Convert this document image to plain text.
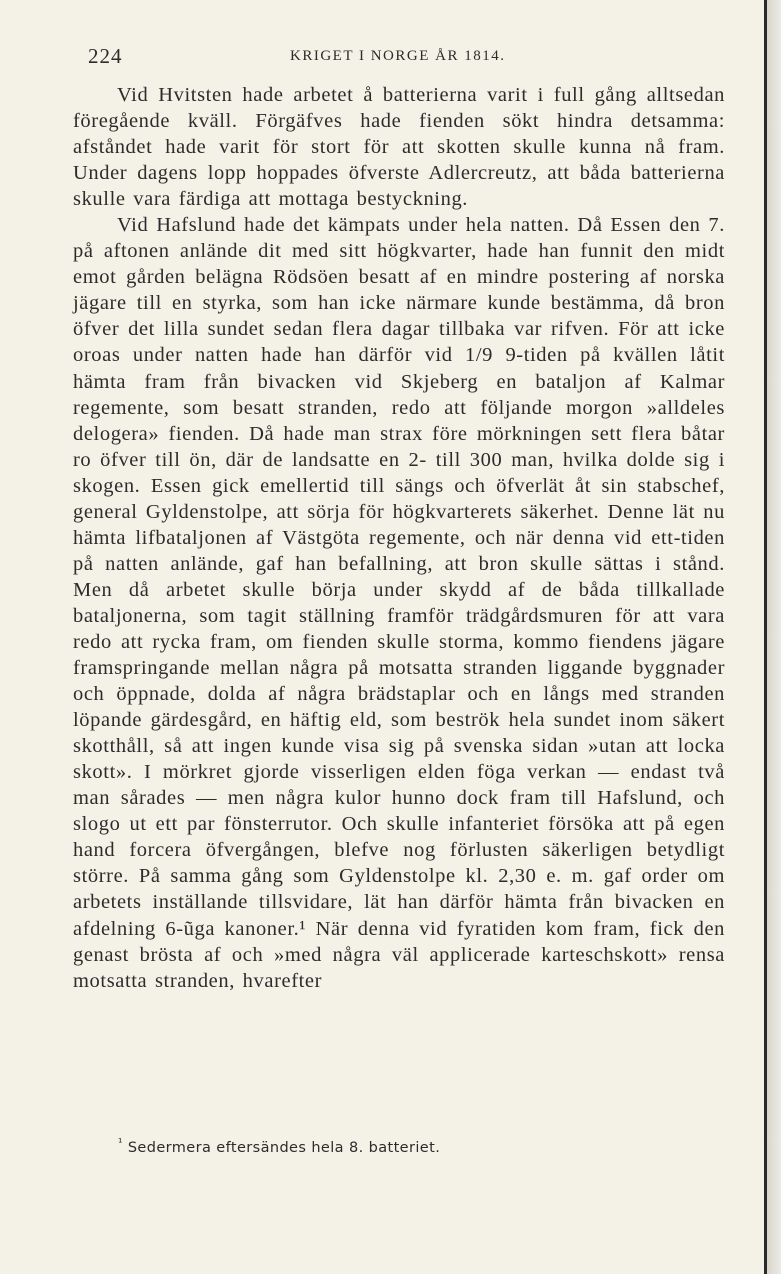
224	KRIGET I NORGE ÅR 1814.

Vid Hvitsten hade arbetet å batterierna varit i full gång alltsedan föregående kväll. Förgäfves hade fienden sökt hindra detsamma: afståndet hade varit för stort för att skotten skulle kunna nå fram. Under dagens lopp hoppades öfverste Adlercreutz, att båda batterierna skulle vara färdiga att mottaga bestyckning.

Vid Hafslund hade det kämpats under hela natten. Då Essen den 7. på aftonen anlände dit med sitt högkvarter, hade han funnit den midt emot gården belägna Rödsöen besatt af en mindre postering af norska jägare till en styrka, som han icke närmare kunde bestämma, då bron öfver det lilla sundet sedan flera dagar tillbaka var rifven. För att icke oroas under natten hade han därför vid 1/9 9-tiden på kvällen låtit hämta fram från bivacken vid Skjeberg en bataljon af Kalmar regemente, som besatt stranden, redo att följande morgon »alldeles delogera» fienden. Då hade man strax före mörkningen sett flera båtar ro öfver till ön, där de landsatte en 2- till 300 man, hvilka dolde sig i skogen. Essen gick emellertid till sängs och öfverlät åt sin stabschef, general Gyldenstolpe, att sörja för högkvarterets säkerhet. Denne lät nu hämta lifbataljonen af Västgöta regemente, och när denna vid ett-tiden på natten anlände, gaf han befallning, att bron skulle sättas i stånd. Men då arbetet skulle börja under skydd af de båda tillkallade bataljonerna, som tagit ställning framför trädgårdsmuren för att vara redo att rycka fram, om fienden skulle storma, kommo fiendens jägare framspringande mellan några på motsatta stranden liggande byggnader och öppnade, dolda af några brädstaplar och en långs med stranden löpande gärdesgård, en häftig eld, som beströk hela sundet inom säkert skotthåll, så att ingen kunde visa sig på svenska sidan »utan att locka skott». I mörkret gjorde visserligen elden föga verkan — endast två man sårades — men några kulor hunno dock fram till Hafslund, och slogo ut ett par fönsterrutor. Och skulle infanteriet försöka att på egen hand forcera öfvergången, blefve nog förlusten säkerligen betydligt större. På samma gång som Gyldenstolpe kl. 2,30 e. m. gaf order om arbetets inställande tillsvidare, lät han därför hämta från bivacken en afdelning 6-ũga kanoner.¹ När denna vid fyratiden kom fram, fick den genast brösta af och »med några väl applicerade karteschskott» rensa motsatta stranden, hvarefter

$^{^1}$ Sedermera eftersändes hela 8. batteriet.
